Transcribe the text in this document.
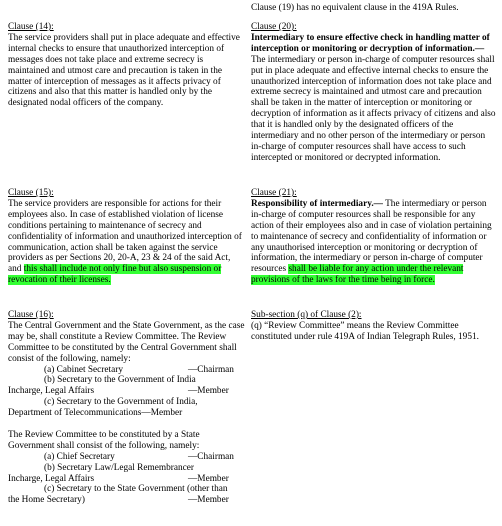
Clause (19) has no equivalent clause in the 419A Rules.

Clause (14):

The service providers shall put in place adequate and effective internal checks to ensure that unauthorized interception of messages does not take place and extreme secrecy is maintained and utmost care and precaution is taken in the matter of interception of messages as it affects privacy of citizens and also that this matter is handled only by the designated nodal officers of the company.

Clause (20):

Intermediary to ensure effective check in handling matter of interception or monitoring or decryption of information.— The intermediary or person in-charge of computer resources shall put in place adequate and effective internal checks to ensure the unauthorized interception of information does not take place and extreme secrecy is maintained and utmost care and precaution shall be taken in the matter of interception or monitoring or decryption of information as it affects privacy of citizens and also that it is handled only by the designated officers of the intermediary and no other person of the intermediary or person in-charge of computer resources shall have access to such intercepted or monitored or decrypted information.

Clause (15):

The service providers are responsible for actions for their employees also. In case of established violation of license conditions pertaining to maintenance of secrecy and confidentiality of information and unauthorized interception of communication, action shall be taken against the service providers as per Sections 20, 20-A, 23 & 24 of the said Act, and this shall include not only fine but also suspension or revocation of their licenses.

Clause (21):

Responsibility of intermediary.— The intermediary or person in-charge of computer resources shall be responsible for any action of their employees also and in case of violation pertaining to maintenance of secrecy and confidentiality of information or any unauthorised interception or monitoring or decryption of information, the intermediary or person in-charge of computer resources shall be liable for any action under the relevant provisions of the laws for the time being in force.

Clause (16):

The Central Government and the State Government, as the case may be, shall constitute a Review Committee. The Review Committee to be constituted by the Central Government shall consist of the following, namely:

(a) Cabinet Secretary	—Chairman

(b) Secretary to the Government of India

Incharge, Legal Affairs	—Member

(c) Secretary to the Government of India,

Department of Telecommunications—Member

The Review Committee to be constituted by a State Government shall consist of the following, namely:

(a) Chief Secretary	—Chairman

(b) Secretary Law/Legal Remembrancer

Incharge, Legal Affairs	—Member

(c) Secretary to the State Government (other than

the Home Secretary)	—Member

Sub-section (q) of Clause (2):

(q) “Review Committee” means the Review Committee constituted under rule 419A of Indian Telegraph Rules, 1951.
